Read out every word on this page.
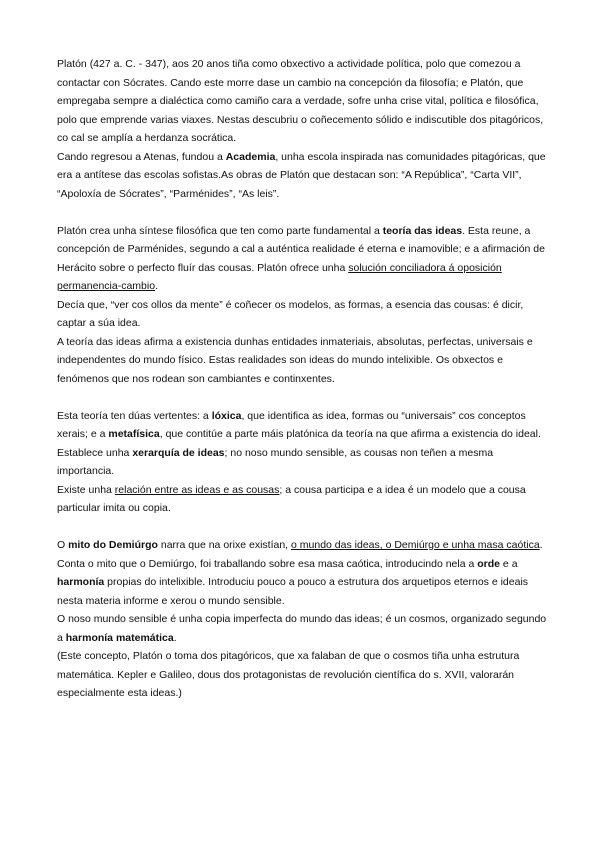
Platón (427 a. C. - 347), aos 20 anos tiña como obxectivo a actividade política, polo que comezou a contactar con Sócrates. Cando este morre dase un cambio na concepción da filosofía; e Platón, que empregaba sempre a dialéctica como camiño cara a verdade, sofre unha crise vital, política e filosófica, polo que emprende varias viaxes. Nestas descubriu o coñecemento sólido e indiscutible dos pitagóricos, co cal se amplía a herdanza socrática.

Cando regresou a Atenas, fundou a Academia, unha escola inspirada nas comunidades pitagóricas, que era a antítese das escolas sofistas.As obras de Platón que destacan son: “A República”, “Carta VII”, “Apoloxía de Sócrates”, “Parménides”, “As leis”.

Platón crea unha síntese filosófica que ten como parte fundamental a teoría das ideas. Esta reune, a concepción de Parménides, segundo a cal a auténtica realidade é eterna e inamovible; e a afirmación de Herácito sobre o perfecto fluír das cousas. Platón ofrece unha solución conciliadora á oposición permanencia-cambio.

Decía que, “ver cos ollos da mente” é coñecer os modelos, as formas, a esencia das cousas: é dicir, captar a súa idea.

A teoría das ideas afirma a existencia dunhas entidades inmateriais, absolutas, perfectas, universais e independentes do mundo físico. Estas realidades son ideas do mundo intelixible. Os obxectos e fenómenos que nos rodean son cambiantes e continxentes.

Esta teoría ten dúas vertentes: a lóxica, que identifica as idea, formas ou “universais” cos conceptos xerais; e a metafísica, que contitúe a parte máis platónica da teoría na que afirma a existencia do ideal.

Establece unha xerarquía de ideas; no noso mundo sensible, as cousas non teñen a mesma importancia.

Existe unha relación entre as ideas e as cousas; a cousa participa e a idea é un modelo que a cousa particular imita ou copia.

O mito do Demiúrgo narra que na orixe existían, o mundo das ideas, o Demiúrgo e unha masa caótica. Conta o mito que o Demiúrgo, foi traballando sobre esa masa caótica, introducindo nela a orde e a harmonía propias do intelixible. Introduciu pouco a pouco a estrutura dos arquetipos eternos e ideais nesta materia informe e xerou o mundo sensible.

O noso mundo sensible é unha copia imperfecta do mundo das ideas; é un cosmos, organizado segundo a harmonía matemática.

(Este concepto, Platón o toma dos pitagóricos, que xa falaban de que o cosmos tiña unha estrutura matemática. Kepler e Galileo, dous dos protagonistas de revolución científica do s. XVII, valorarán especialmente esta ideas.)
